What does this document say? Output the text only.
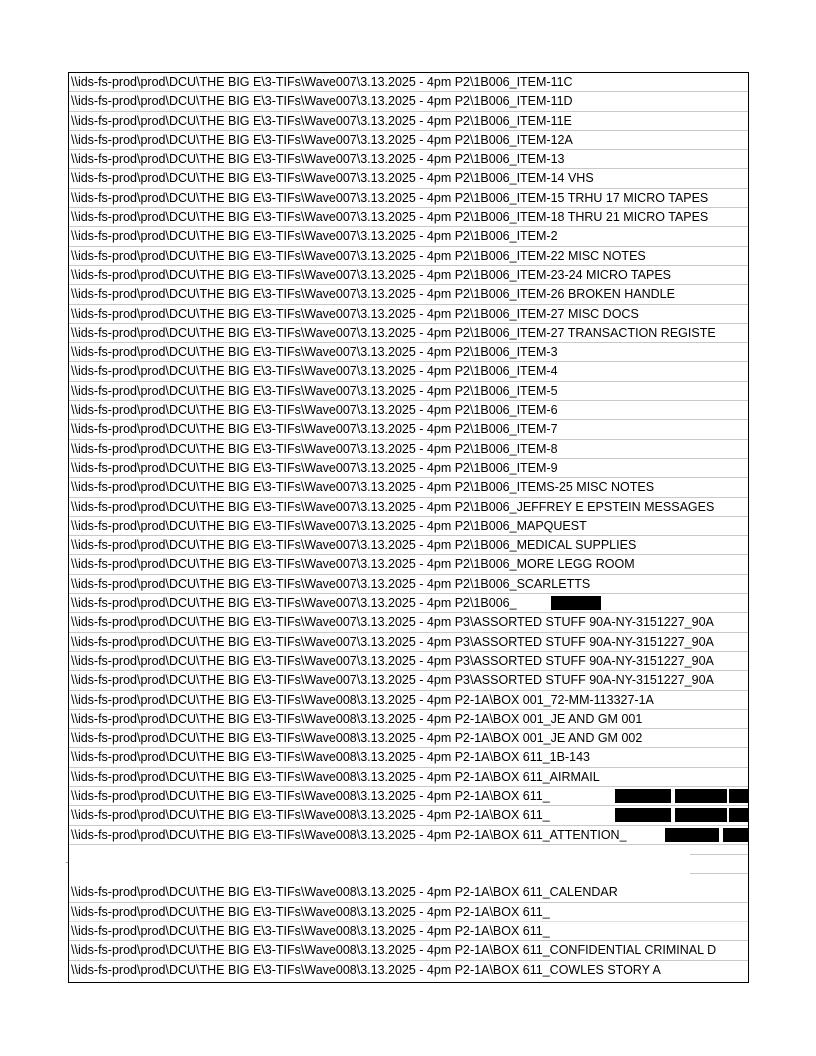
\\ids-fs-prod\prod\DCU\THE BIG E\3-TIFs\Wave007\3.13.2025 - 4pm P2\1B006_ITEM-11C
\\ids-fs-prod\prod\DCU\THE BIG E\3-TIFs\Wave007\3.13.2025 - 4pm P2\1B006_ITEM-11D
\\ids-fs-prod\prod\DCU\THE BIG E\3-TIFs\Wave007\3.13.2025 - 4pm P2\1B006_ITEM-11E
\\ids-fs-prod\prod\DCU\THE BIG E\3-TIFs\Wave007\3.13.2025 - 4pm P2\1B006_ITEM-12A
\\ids-fs-prod\prod\DCU\THE BIG E\3-TIFs\Wave007\3.13.2025 - 4pm P2\1B006_ITEM-13
\\ids-fs-prod\prod\DCU\THE BIG E\3-TIFs\Wave007\3.13.2025 - 4pm P2\1B006_ITEM-14 VHS
\\ids-fs-prod\prod\DCU\THE BIG E\3-TIFs\Wave007\3.13.2025 - 4pm P2\1B006_ITEM-15 TRHU 17 MICRO TAPES
\\ids-fs-prod\prod\DCU\THE BIG E\3-TIFs\Wave007\3.13.2025 - 4pm P2\1B006_ITEM-18 THRU 21 MICRO TAPES
\\ids-fs-prod\prod\DCU\THE BIG E\3-TIFs\Wave007\3.13.2025 - 4pm P2\1B006_ITEM-2
\\ids-fs-prod\prod\DCU\THE BIG E\3-TIFs\Wave007\3.13.2025 - 4pm P2\1B006_ITEM-22 MISC NOTES
\\ids-fs-prod\prod\DCU\THE BIG E\3-TIFs\Wave007\3.13.2025 - 4pm P2\1B006_ITEM-23-24 MICRO TAPES
\\ids-fs-prod\prod\DCU\THE BIG E\3-TIFs\Wave007\3.13.2025 - 4pm P2\1B006_ITEM-26 BROKEN HANDLE
\\ids-fs-prod\prod\DCU\THE BIG E\3-TIFs\Wave007\3.13.2025 - 4pm P2\1B006_ITEM-27 MISC DOCS
\\ids-fs-prod\prod\DCU\THE BIG E\3-TIFs\Wave007\3.13.2025 - 4pm P2\1B006_ITEM-27 TRANSACTION REGISTE
\\ids-fs-prod\prod\DCU\THE BIG E\3-TIFs\Wave007\3.13.2025 - 4pm P2\1B006_ITEM-3
\\ids-fs-prod\prod\DCU\THE BIG E\3-TIFs\Wave007\3.13.2025 - 4pm P2\1B006_ITEM-4
\\ids-fs-prod\prod\DCU\THE BIG E\3-TIFs\Wave007\3.13.2025 - 4pm P2\1B006_ITEM-5
\\ids-fs-prod\prod\DCU\THE BIG E\3-TIFs\Wave007\3.13.2025 - 4pm P2\1B006_ITEM-6
\\ids-fs-prod\prod\DCU\THE BIG E\3-TIFs\Wave007\3.13.2025 - 4pm P2\1B006_ITEM-7
\\ids-fs-prod\prod\DCU\THE BIG E\3-TIFs\Wave007\3.13.2025 - 4pm P2\1B006_ITEM-8
\\ids-fs-prod\prod\DCU\THE BIG E\3-TIFs\Wave007\3.13.2025 - 4pm P2\1B006_ITEM-9
\\ids-fs-prod\prod\DCU\THE BIG E\3-TIFs\Wave007\3.13.2025 - 4pm P2\1B006_ITEMS-25 MISC NOTES
\\ids-fs-prod\prod\DCU\THE BIG E\3-TIFs\Wave007\3.13.2025 - 4pm P2\1B006_JEFFREY E EPSTEIN MESSAGES
\\ids-fs-prod\prod\DCU\THE BIG E\3-TIFs\Wave007\3.13.2025 - 4pm P2\1B006_MAPQUEST
\\ids-fs-prod\prod\DCU\THE BIG E\3-TIFs\Wave007\3.13.2025 - 4pm P2\1B006_MEDICAL SUPPLIES
\\ids-fs-prod\prod\DCU\THE BIG E\3-TIFs\Wave007\3.13.2025 - 4pm P2\1B006_MORE LEGG ROOM
\\ids-fs-prod\prod\DCU\THE BIG E\3-TIFs\Wave007\3.13.2025 - 4pm P2\1B006_SCARLETTS
\\ids-fs-prod\prod\DCU\THE BIG E\3-TIFs\Wave007\3.13.2025 - 4pm P2\1B006_
\\ids-fs-prod\prod\DCU\THE BIG E\3-TIFs\Wave007\3.13.2025 - 4pm P3\ASSORTED STUFF 90A-NY-3151227_90A
\\ids-fs-prod\prod\DCU\THE BIG E\3-TIFs\Wave007\3.13.2025 - 4pm P3\ASSORTED STUFF 90A-NY-3151227_90A
\\ids-fs-prod\prod\DCU\THE BIG E\3-TIFs\Wave007\3.13.2025 - 4pm P3\ASSORTED STUFF 90A-NY-3151227_90A
\\ids-fs-prod\prod\DCU\THE BIG E\3-TIFs\Wave007\3.13.2025 - 4pm P3\ASSORTED STUFF 90A-NY-3151227_90A
\\ids-fs-prod\prod\DCU\THE BIG E\3-TIFs\Wave008\3.13.2025 - 4pm P2-1A\BOX 001_72-MM-113327-1A
\\ids-fs-prod\prod\DCU\THE BIG E\3-TIFs\Wave008\3.13.2025 - 4pm P2-1A\BOX 001_JE AND GM 001
\\ids-fs-prod\prod\DCU\THE BIG E\3-TIFs\Wave008\3.13.2025 - 4pm P2-1A\BOX 001_JE AND GM 002
\\ids-fs-prod\prod\DCU\THE BIG E\3-TIFs\Wave008\3.13.2025 - 4pm P2-1A\BOX 611_1B-143
\\ids-fs-prod\prod\DCU\THE BIG E\3-TIFs\Wave008\3.13.2025 - 4pm P2-1A\BOX 611_AIRMAIL
\\ids-fs-prod\prod\DCU\THE BIG E\3-TIFs\Wave008\3.13.2025 - 4pm P2-1A\BOX 611_
\\ids-fs-prod\prod\DCU\THE BIG E\3-TIFs\Wave008\3.13.2025 - 4pm P2-1A\BOX 611_
\\ids-fs-prod\prod\DCU\THE BIG E\3-TIFs\Wave008\3.13.2025 - 4pm P2-1A\BOX 611_ATTENTION_
\\ids-fs-prod\prod\DCU\THE BIG E\3-TIFs\Wave008\3.13.2025 - 4pm P2-1A\BOX 611_CALENDAR
\\ids-fs-prod\prod\DCU\THE BIG E\3-TIFs\Wave008\3.13.2025 - 4pm P2-1A\BOX 611_
\\ids-fs-prod\prod\DCU\THE BIG E\3-TIFs\Wave008\3.13.2025 - 4pm P2-1A\BOX 611_
\\ids-fs-prod\prod\DCU\THE BIG E\3-TIFs\Wave008\3.13.2025 - 4pm P2-1A\BOX 611_CONFIDENTIAL CRIMINAL D
\\ids-fs-prod\prod\DCU\THE BIG E\3-TIFs\Wave008\3.13.2025 - 4pm P2-1A\BOX 611_COWLES STORY A
